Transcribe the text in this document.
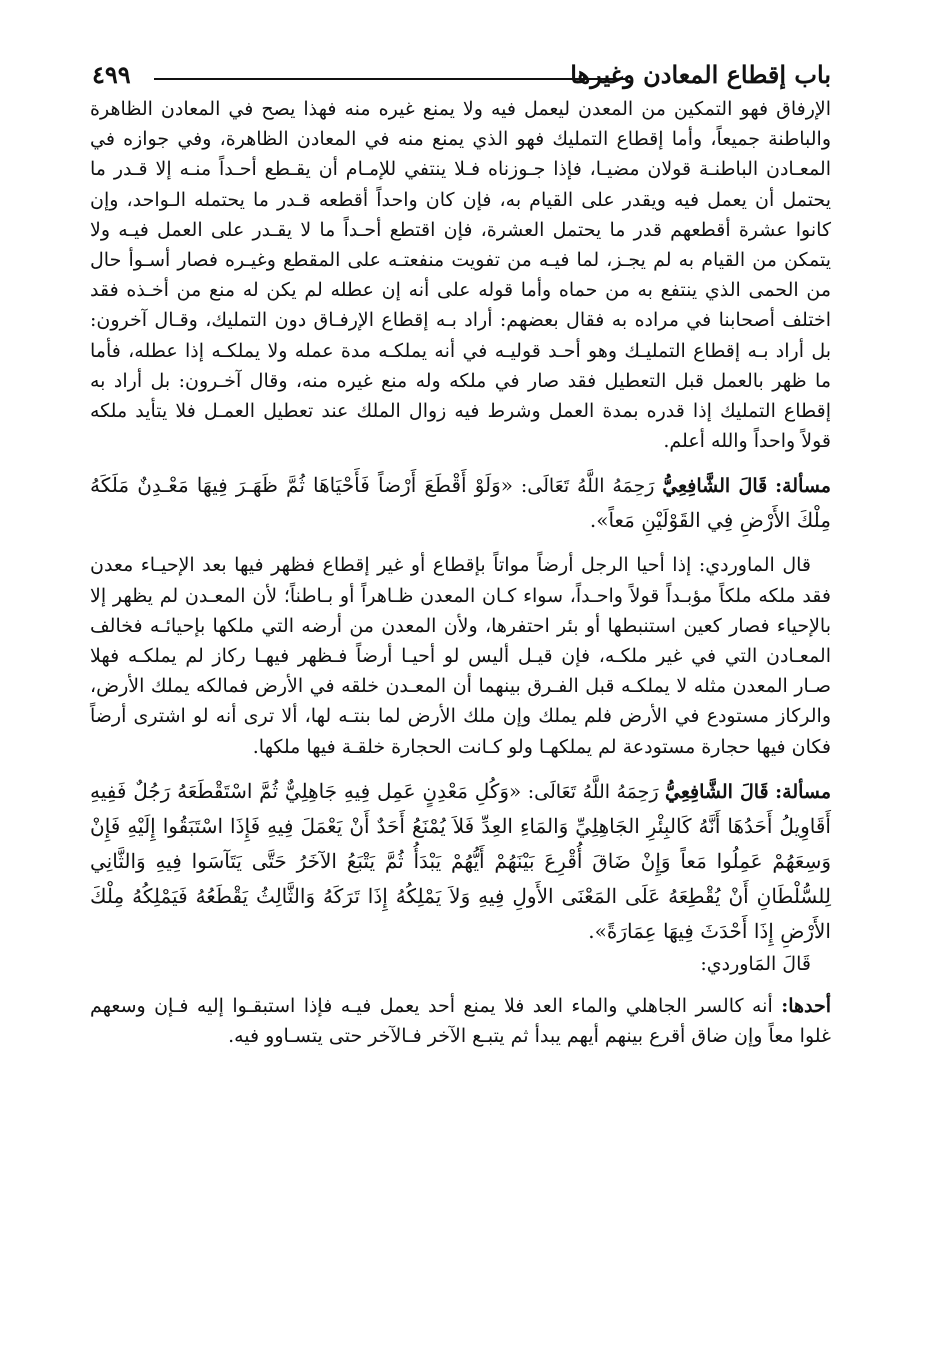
باب إقطاع المعادن وغيرها
٤٩٩

الإرفاق فهو التمكين من المعدن ليعمل فيه ولا يمنع غيره منه فهذا يصح في المعادن الظاهرة والباطنة جميعاً، وأما إقطاع التمليك فهو الذي يمنع منه في المعادن الظاهرة، وفي جوازه في المعـادن الباطنـة قولان مضيـا، فإذا جـوزناه فـلا ينتفي للإمـام أن يقـطع أحـداً منـه إلا قـدر ما يحتمل أن يعمل فيه ويقدر على القيام به، فإن كان واحداً أقطعه قـدر ما يحتمله الـواحد، وإن كانوا عشرة أقطعهم قدر ما يحتمل العشرة، فإن اقتطع أحـداً ما لا يقـدر على العمل فيـه ولا يتمكن من القيام به لم يجـز، لما فيـه من تفويت منفعتـه على المقطع وغيـره فصار أسـوأ حال من الحمى الذي ينتفع به من حماه وأما قوله على أنه إن عطله لم يكن له منع من أخـذه فقد اختلف أصحابنا في مراده به فقال بعضهم: أراد بـه إقطاع الإرفـاق دون التمليك، وقـال آخرون: بل أراد بـه إقطاع التمليـك وهو أحـد قوليـه في أنه يملكـه مدة عمله ولا يملكـه إذا عطله، فأما ما ظهر بالعمل قبل التعطيل فقد صار في ملكه وله منع غيره منه، وقال آخـرون: بل أراد به إقطاع التمليك إذا قدره بمدة العمل وشرط فيه زوال الملك عند تعطيل العمـل فلا يتأيد ملكه قولاً واحداً والله أعلم.

مسألة: قَالَ الشَّافِعِيُّ رَحِمَهُ اللَّهُ تَعَالَى: «وَلَوْ أَقْطَعَ أَرْضاً فَأَحْيَاهَا ثُمَّ ظَهَـرَ فِيهَا مَعْـدِنٌ مَلَكَهُ مِلْكَ الأَرْضِ فِي القَوْلَيْنِ مَعاً».

قال الماوردي: إذا أحيا الرجل أرضاً مواتاً بإقطاع أو غير إقطاع فظهر فيها بعد الإحيـاء معدن فقد ملكه ملكاً مؤبـداً قولاً واحـداً، سواء كـان المعدن ظـاهراً أو بـاطناً؛ لأن المعـدن لم يظهر إلا بالإحياء فصار كعين استنبطها أو بئر احتفرها، ولأن المعدن من أرضه التي ملكها بإحيائـه فخالف المعـادن التي في غير ملكـه، فإن قيـل أليس لو أحيـا أرضاً فـظهر فيهـا ركاز لم يملكـه فهلا صـار المعدن مثله لا يملكـه قبل الفـرق بينهما أن المعـدن خلقه في الأرض فمالكه يملك الأرض، والركاز مستودع في الأرض فلم يملك وإن ملك الأرض لما بنتـه لها، ألا ترى أنه لو اشترى أرضاً فكان فيها حجارة مستودعة لم يملكهـا ولو كـانت الحجارة خلقـة فيها ملكها.

مسألة: قَالَ الشَّافِعِيُّ رَحِمَهُ اللَّهُ تَعَالَى: «وَكُلِ مَعْدِنٍ عَمِل فِيهِ جَاهِلِيٌّ ثُمَّ اسْتَقْطَعَهُ رَجُلٌ فَفِيهِ أَقَاوِيلُ أَحَدُهَا أَنَّهُ كَالبِئْرِ الجَاهِلِيِّ وَالمَاءِ العِدِّ فَلاَ يُمْنَعُ أَحَدٌ أَنْ يَعْمَلَ فِيهِ فَإِذَا اسْتَبَقُوا إِلَيْهِ فَإِنْ وَسِعَهُمْ عَمِلُوا مَعاً وَإِنْ ضَاقَ أُقْرِعَ بَيْنَهُمْ أَيُّهُمْ يَبْدَأُ ثُمَّ يَتْبَعُ الآخَرُ حَتَّى يَتَآسَوا فِيهِ وَالثَّانِي لِلسُّلْطَانِ أَنْ يُقْطِعَهُ عَلَى المَعْنَى الأَولِ فِيهِ وَلاَ يَمْلِكُهُ إِذَا تَرَكَهُ وَالثَّالِثُ يَقْطَعُهُ فَيَمْلِكُهُ مِلْكَ الأَرْضِ إِذَا أَحْدَثَ فِيهَا عِمَارَةً».

قَالَ المَاوردي:

أحدها: أنه كالسر الجاهلي والماء العد فلا يمنع أحد يعمل فيـه فإذا استبقـوا إليه فـإن وسعهم غلوا معاً وإن ضاق أقرع بينهم أيهم يبدأ ثم يتبـع الآخر فـالآخر حتى يتسـاوو فيه.
